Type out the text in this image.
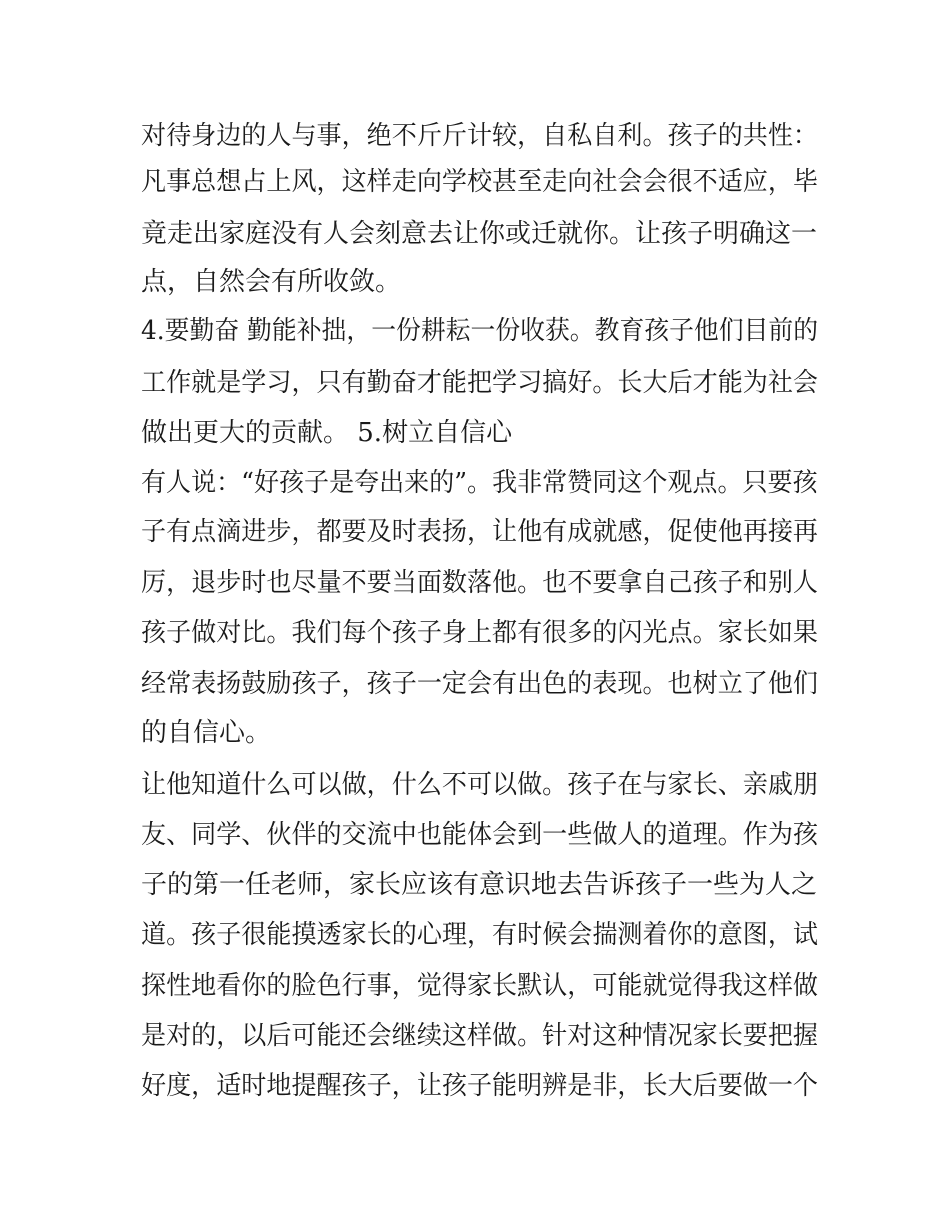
对待身边的人与事，绝不斤斤计较，自私自利。孩子的共性：
凡事总想占上风，这样走向学校甚至走向社会会很不适应，毕
竟走出家庭没有人会刻意去让你或迁就你。让孩子明确这一
点，自然会有所收敛。
4.要勤奋 勤能补拙，一份耕耘一份收获。教育孩子他们目前的
工作就是学习，只有勤奋才能把学习搞好。长大后才能为社会
做出更大的贡献。 5.树立自信心
有人说：“好孩子是夸出来的”。我非常赞同这个观点。只要孩
子有点滴进步，都要及时表扬，让他有成就感，促使他再接再
厉，退步时也尽量不要当面数落他。也不要拿自己孩子和别人
孩子做对比。我们每个孩子身上都有很多的闪光点。家长如果
经常表扬鼓励孩子，孩子一定会有出色的表现。也树立了他们
的自信心。
让他知道什么可以做，什么不可以做。孩子在与家长、亲戚朋
友、同学、伙伴的交流中也能体会到一些做人的道理。作为孩
子的第一任老师，家长应该有意识地去告诉孩子一些为人之
道。孩子很能摸透家长的心理，有时候会揣测着你的意图，试
探性地看你的脸色行事，觉得家长默认，可能就觉得我这样做
是对的，以后可能还会继续这样做。针对这种情况家长要把握
好度，适时地提醒孩子，让孩子能明辨是非，长大后要做一个
